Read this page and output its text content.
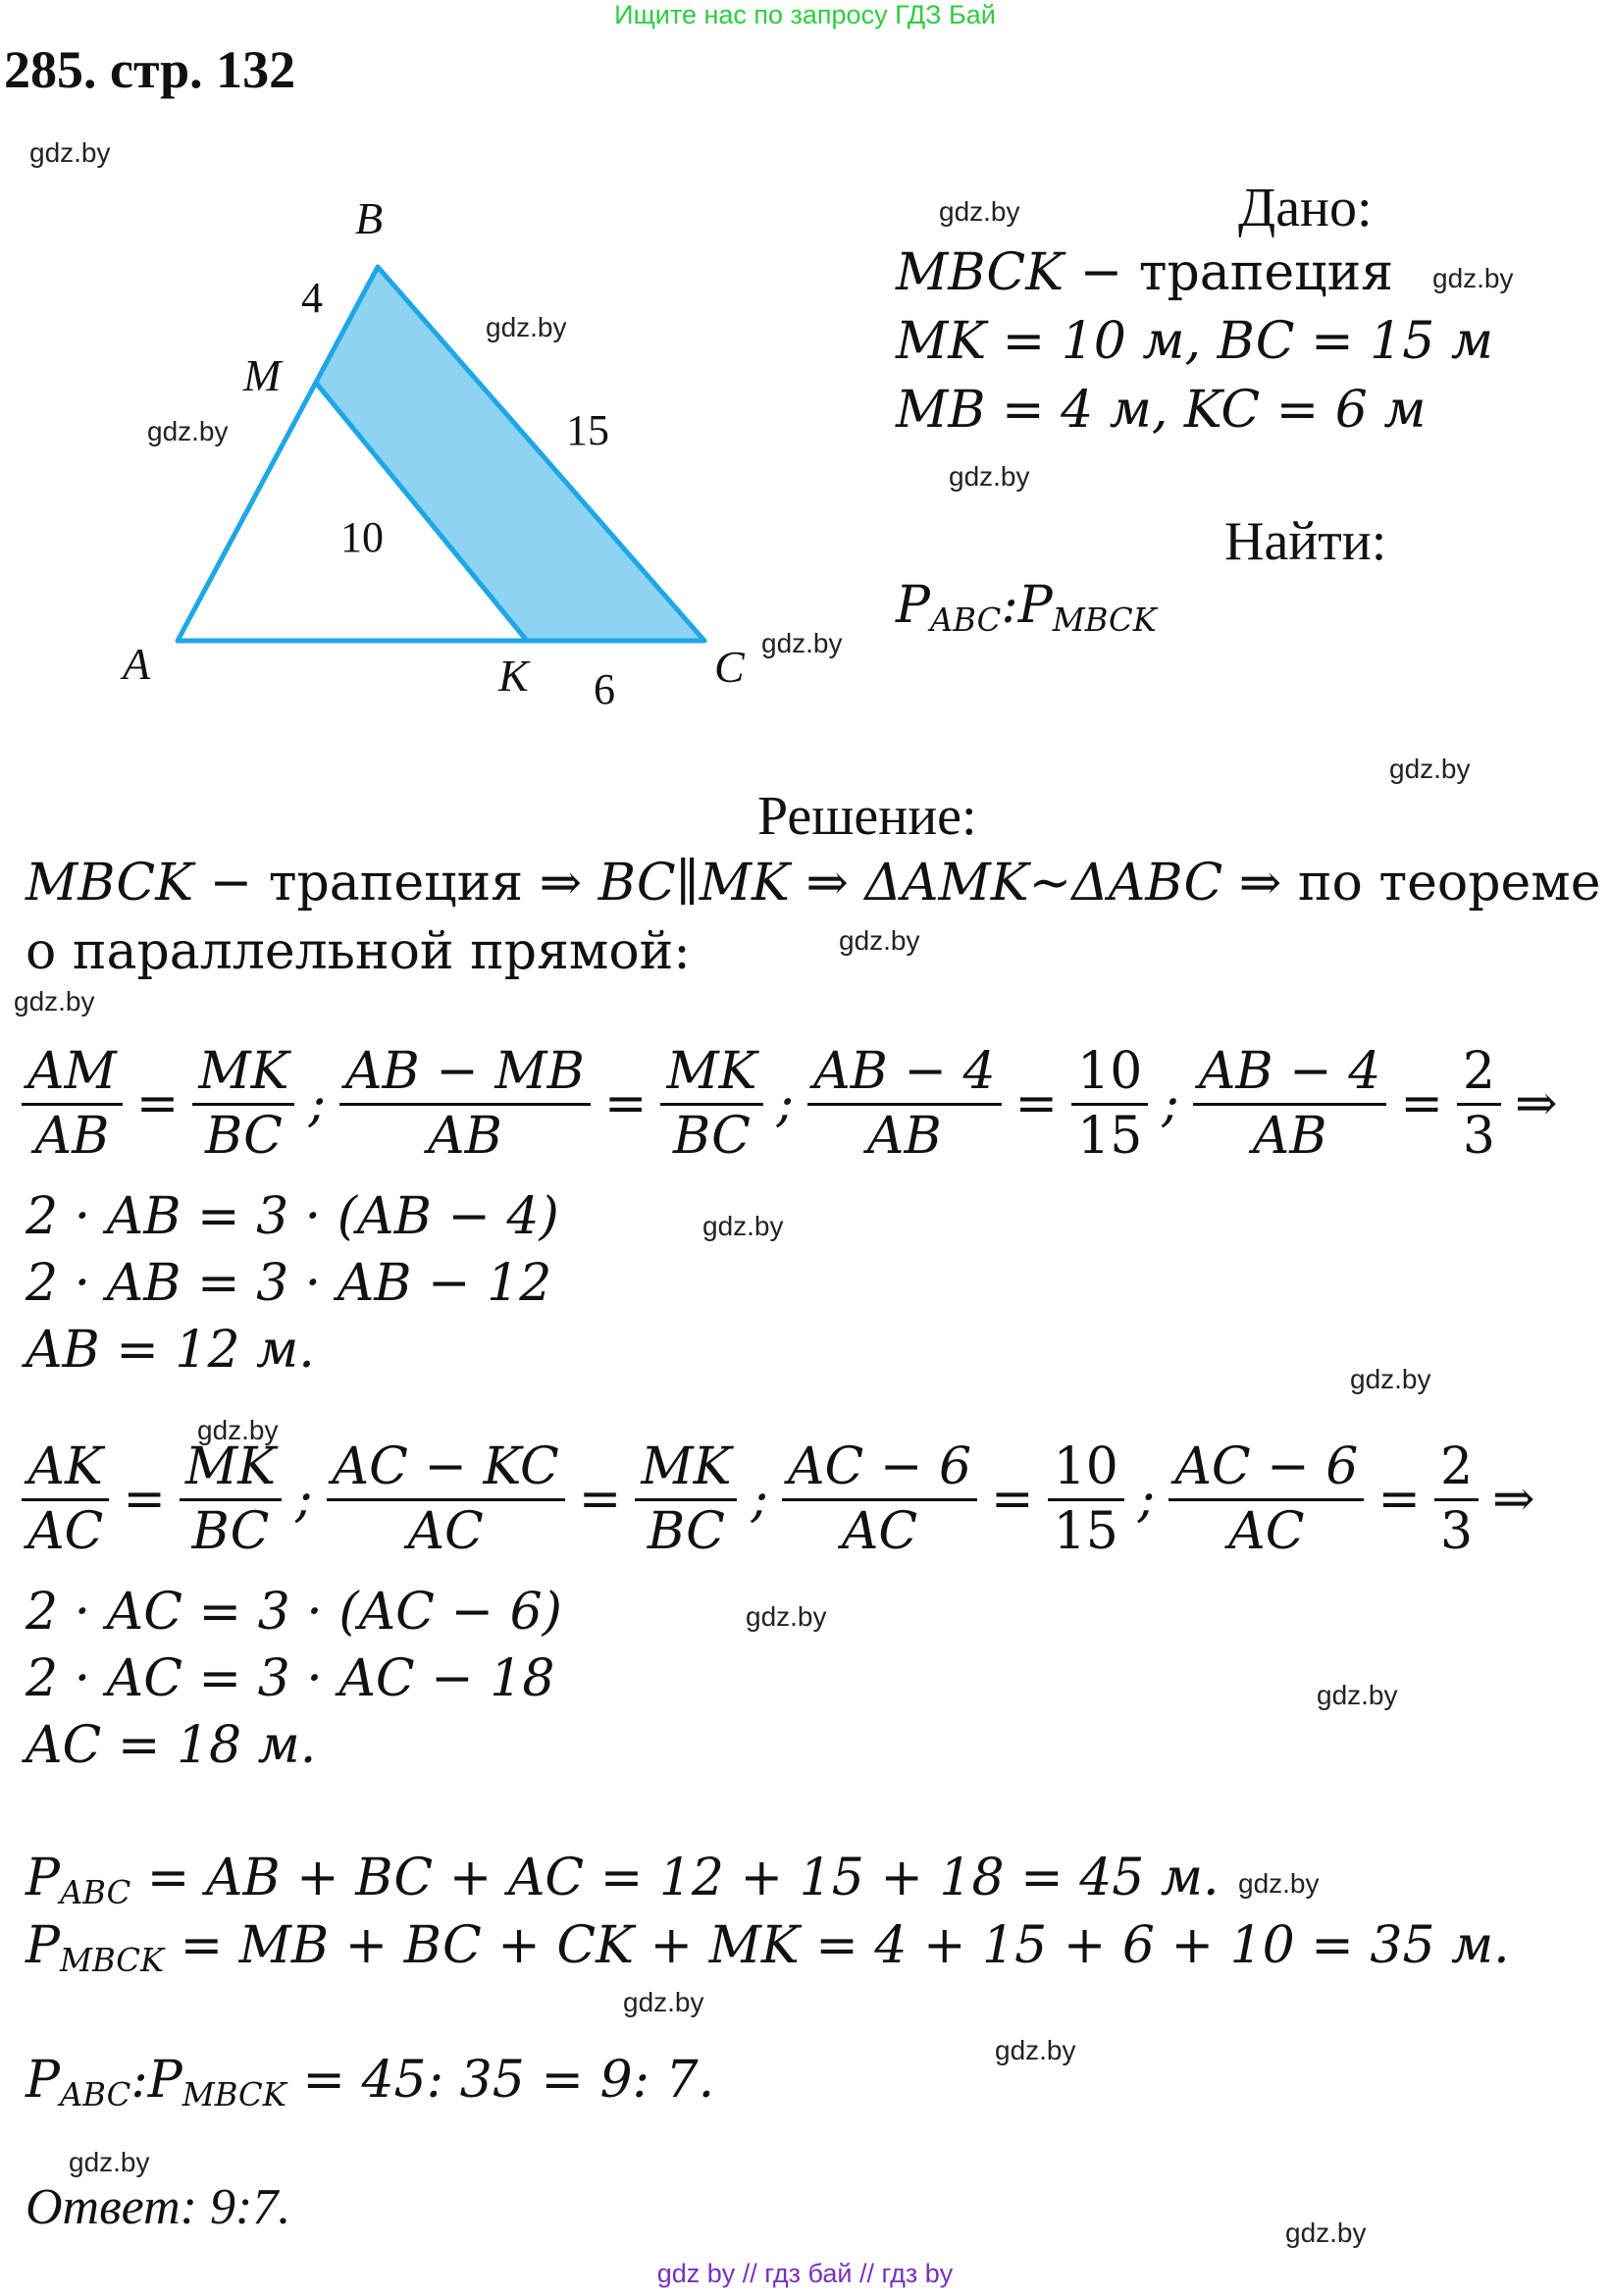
Ищите нас по запросу ГДЗ Бай
285. стр. 132
gdz.by
gdz.by
gdz.by
gdz.by
gdz.by
gdz.by
gdz.by
gdz.by
gdz.by
gdz.by
gdz.by
gdz.by
gdz.by
gdz.by
gdz.by
gdz.by
gdz.by
gdz.by
gdz.by
gdz.by
B
M
A	K	C
4
15
10
6
Дано:
MBCK − трапеция
MK = 10 м, BC = 15 м
MB = 4 м, KC = 6 м
Найти:
$P_{ABC}:P_{MBCK}$
Решение:
MBCK − трапеция ⇒ BC∥MK ⇒ ΔAMK∼ΔABC ⇒ по теореме
о параллельной прямой:
$\frac{AM}{AB} = \frac{MK}{BC}$ ; $\frac{AB - MB}{AB} = \frac{MK}{BC}$ ; $\frac{AB - 4}{AB} = \frac{10}{15}$ ; $\frac{AB - 4}{AB} = \frac{2}{3}$ ⇒
2 · AB = 3 · (AB − 4)
2 · AB = 3 · AB − 12
AB = 12 м.
$\frac{AK}{AC} = \frac{MK}{BC}$ ; $\frac{AC - KC}{AC} = \frac{MK}{BC}$ ; $\frac{AC - 6}{AC} = \frac{10}{15}$ ; $\frac{AC - 6}{AC} = \frac{2}{3}$ ⇒
2 · AC = 3 · (AC − 6)
2 · AC = 3 · AC − 18
AC = 18 м.
$P_{ABC}$ = AB + BC + AC = 12 + 15 + 18 = 45 м.
$P_{MBCK}$ = MB + BC + CK + MK = 4 + 15 + 6 + 10 = 35 м.
$P_{ABC}:P_{MBCK} = 45$: 35 = 9: 7.
Ответ: 9:7.
gdz by // гдз бай // гдз by
